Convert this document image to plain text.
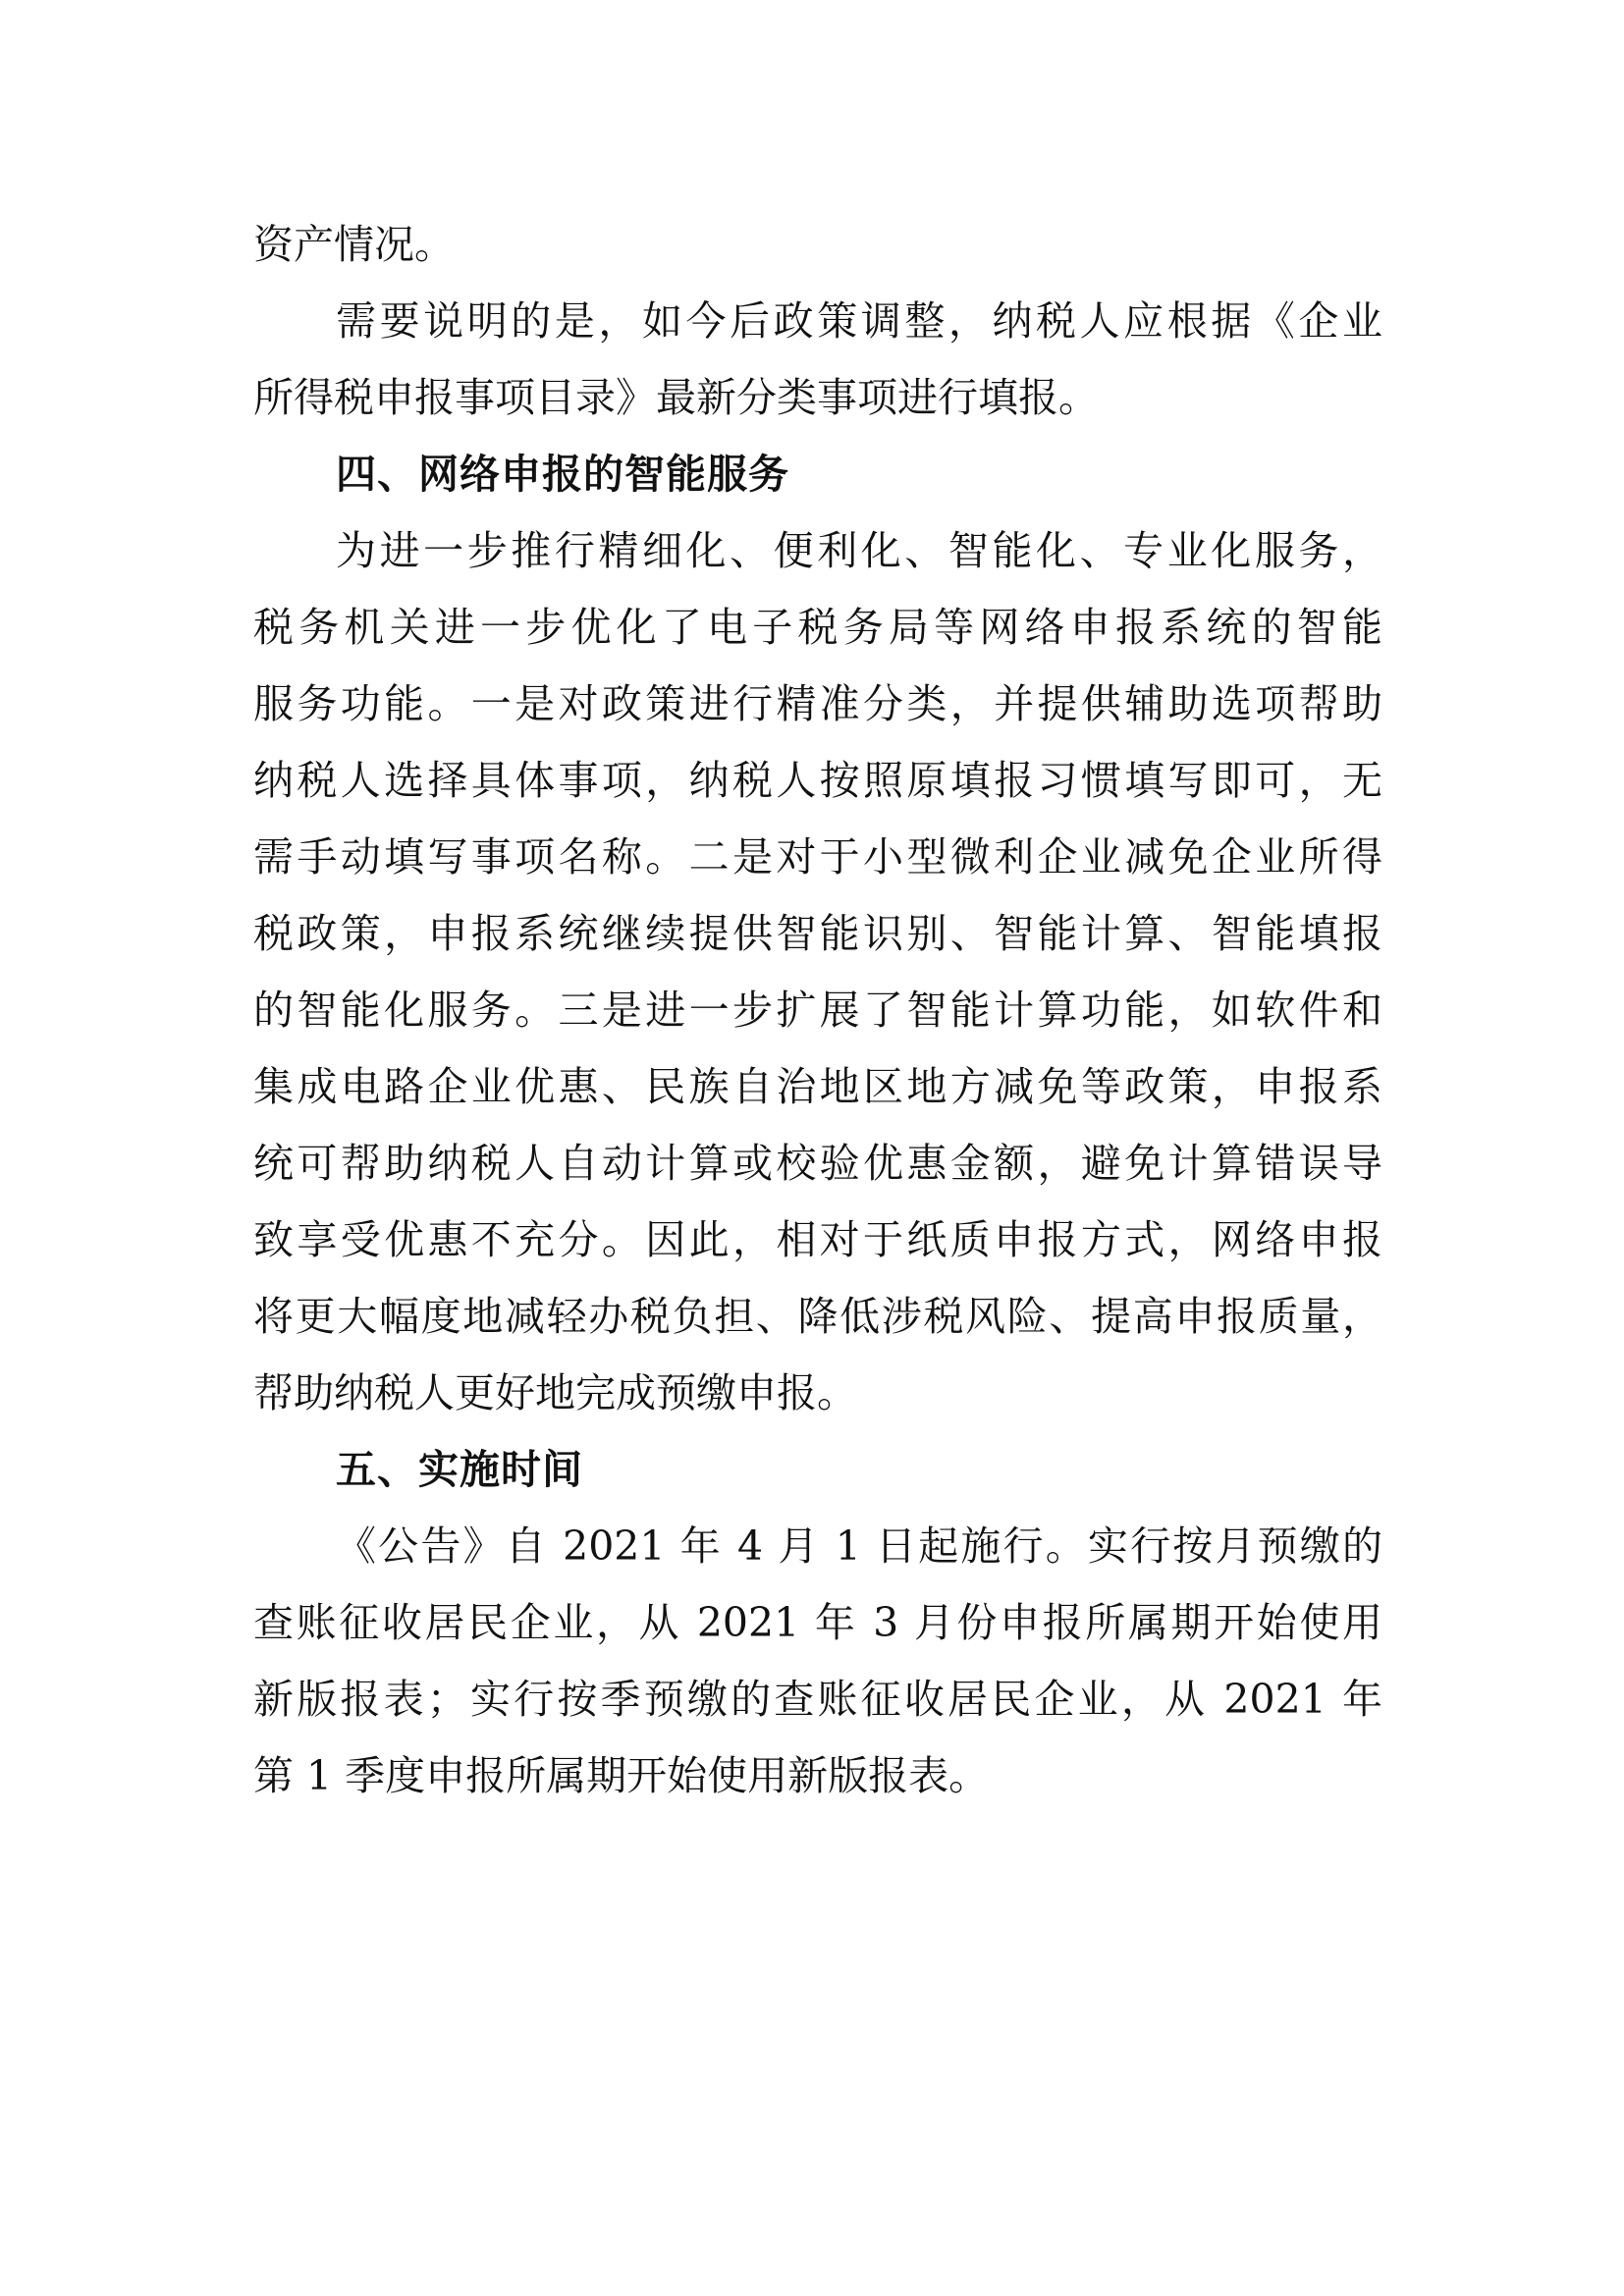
资产情况。
需要说明的是，如今后政策调整，纳税人应根据《企业
所得税申报事项目录》最新分类事项进行填报。
四、网络申报的智能服务
为进一步推行精细化、便利化、智能化、专业化服务，
税务机关进一步优化了电子税务局等网络申报系统的智能
服务功能。一是对政策进行精准分类，并提供辅助选项帮助
纳税人选择具体事项，纳税人按照原填报习惯填写即可，无
需手动填写事项名称。二是对于小型微利企业减免企业所得
税政策，申报系统继续提供智能识别、智能计算、智能填报
的智能化服务。三是进一步扩展了智能计算功能，如软件和
集成电路企业优惠、民族自治地区地方减免等政策，申报系
统可帮助纳税人自动计算或校验优惠金额，避免计算错误导
致享受优惠不充分。因此，相对于纸质申报方式，网络申报
将更大幅度地减轻办税负担、降低涉税风险、提高申报质量，
帮助纳税人更好地完成预缴申报。
五、实施时间
《公告》自 2021 年 4 月 1 日起施行。实行按月预缴的
查账征收居民企业，从 2021 年 3 月份申报所属期开始使用
新版报表；实行按季预缴的查账征收居民企业，从 2021 年
第 1 季度申报所属期开始使用新版报表。
